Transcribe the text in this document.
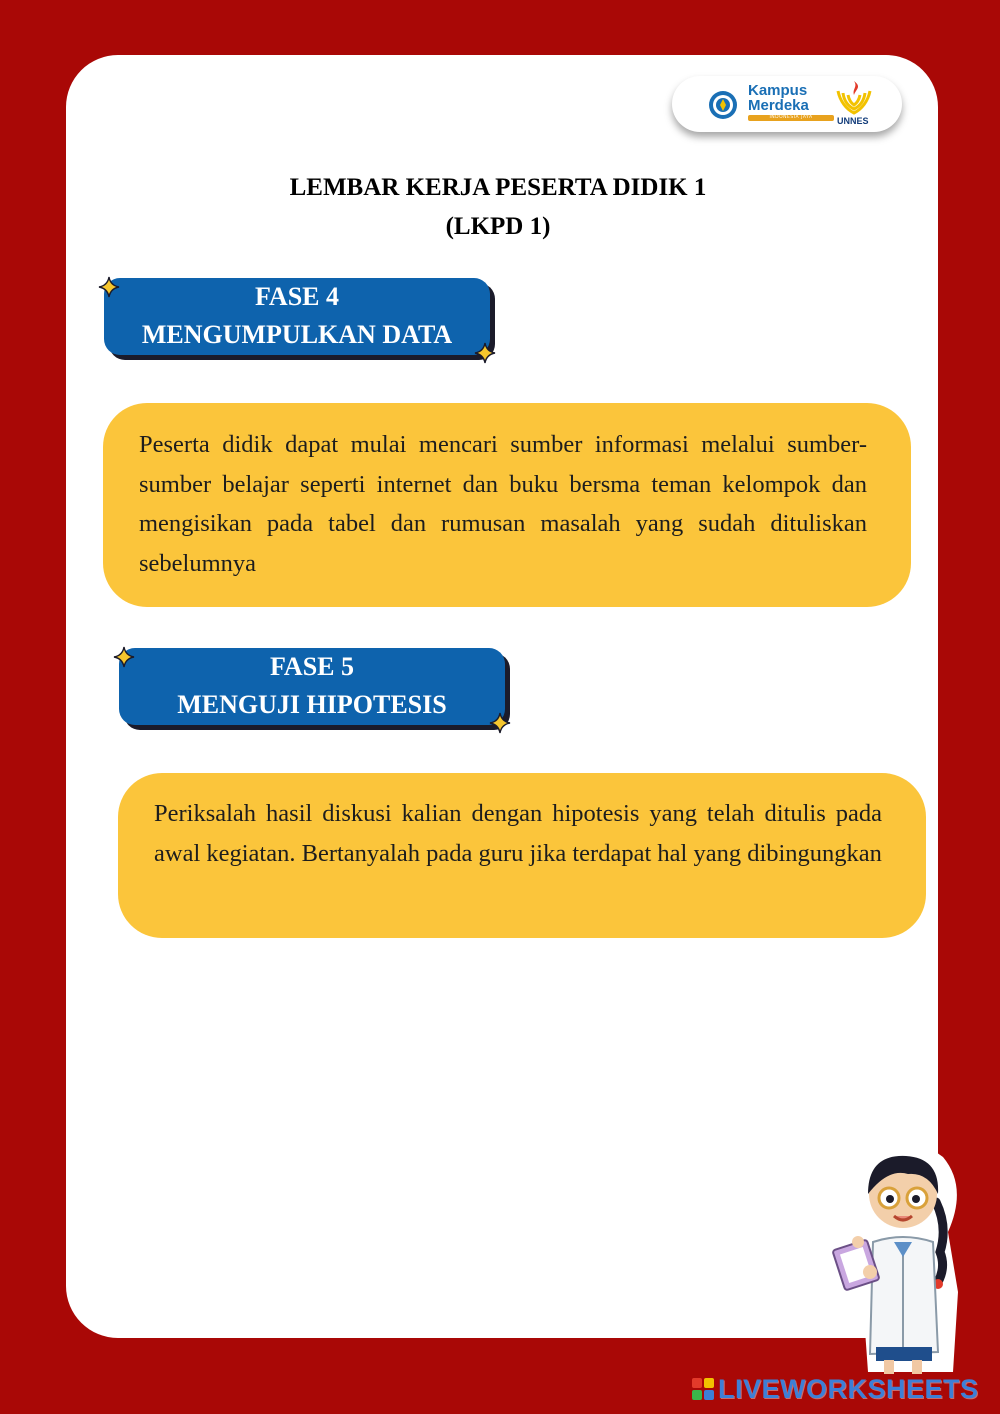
Kampus
Merdeka
INDONESIA JAYA	UNNES
LEMBAR KERJA PESERTA DIDIK 1
(LKPD 1)
FASE 4
MENGUMPULKAN DATA
Peserta didik dapat mulai mencari sumber informasi melalui sumber-sumber belajar seperti internet dan buku bersma teman kelompok dan mengisikan pada tabel dan rumusan masalah yang sudah dituliskan sebelumnya
FASE 5
MENGUJI HIPOTESIS
Periksalah hasil diskusi kalian dengan hipotesis yang telah ditulis pada awal kegiatan. Bertanyalah pada guru jika terdapat hal yang dibingungkan
LIVEWORKSHEETS
